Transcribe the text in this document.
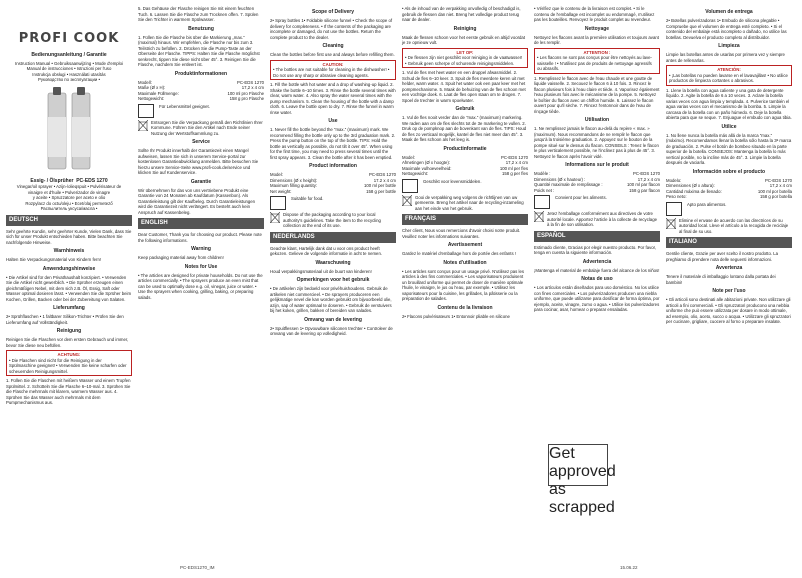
PROFI COOK
Bedienungsanleitung / Garantie
Instruction Manual • Gebruiksaanwijzing • Mode d'emploi
Manual de instrucciones • Istruzioni per l'uso
Instrukcja obsługi • Használati utasítás
Руководство по эксплуатации •
Essig- / Ölsprüher PC-EDS 1270
Vinegar/oil sprayer • Azijn-/olieqspuit • Pulvérisateur de
vinaigre et d'huile • Pulverizador de vinagre
y aceite • Spruzzatore per aceto e olio
Rozpylacz do octu/oleju • Ecet/olaj permetező
Распылитель уксуса/масла •
DEUTSCH

Sehr geehrte Kundin, sehr geehrter Kunde, Vielen Dank, dass Sie sich für unser Produkt entschieden haben. Bitte beachten Sie nachfolgende Hinweise.

Warnhinweis

Halten Sie Verpackungsmaterial von Kindern fern!

Anwendungshinweise

• Die Artikel sind für den Privathaushalt konzipiert. • Verwenden Sie die Artikel nicht gewerblich. • Die Sprüher erzeugen einen gleichmäßigen Nebel, mit dem sich z.B. Öl, Essig, Saft oder Wasser optimal dosieren lässt. • Verwenden Sie die Sprüher beim Kochen, Grillen, Backen oder bei der Zubereitung von Salaten.

Lieferumfang

2• Sprühflaschen • 1 faltbarer Silikon-Trichter • Prüfen Sie den Lieferumfang auf Vollständigkeit.

Reinigung

Reinigen Sie die Flaschen vor dem ersten Gebrauch und immer, bevor Sie diese neu befüllen.

ACHTUNG:
• Die Flaschen sind nicht für die Reinigung in der Spülmaschine geeignet! • Verwenden Sie keine scharfen oder scheuernden Reinigungsmittel.

1. Füllen Sie die Flaschen mit heißem Wasser und einem Tropfen Spülmittel. 2. Schütteln Sie die Flasche 6–10-mal. 3. Sprühen Sie die Flasche mehrmals mit klarem, warmem Wasser aus. 4. Sprühen Sie das Wasser auch mehrmals mit dem Pumpmechanismus aus.

5. Das Gehäuse der Flasche reinigen Sie mit einem feuchten Tuch. 6. Lassen Sie die Flasche zum Trocknen offen. 7. Spülen Sie den Trichter in warmem Spülwasser.

Benutzung

1. Füllen Sie die Flasche bis über die Markierung „max.“ (maximal) hinaus. Wir empfehlen, die Flasche nur bis zum 3. Teilstrich zu befüllen. 2. Drücken Sie die Pump-Taste an der Oberseite der Flasche. TIPPS: Halten Sie die Flasche möglichst senkrecht, tippen Sie diese nicht über 45°. 3. Reinigen Sie die Flasche, nachdem Sie entleert ist.

Produktinformationen
Modell:	PC-EDS 1270
Maße (Ø x H):	17,2 x 4 cm
Maximale Füllmenge:	100 ml pro Flasche
Nettogewicht:	158 g pro Flasche
Für Lebensmittel geeignet.
Entsorgen Sie die Verpackung gemäß den Richtlinien Ihrer Kommune. Führen Sie den Artikel nach Ende seiner Nutzung der Wertstoffsammlung zu.
Service

Sollte Ihr Produkt innerhalb der Garantiezeit einen Mangel aufweisen, lassen Sie sich in unserem Service-portal zur kostenlosen Garantieabwicklung anmelden. Bitte besuchen Sie hierzu unsere Service-Seite www.profi-cook.de/service und klicken Sie auf Kundenservice.

Garantie

Wir übernehmen für das von uns vertriebene Produkt eine Garantie von 24 Monaten ab Kaufdatum (Kassenbon). Als Garantieleistung gilt der Kaufbeleg. Durch Garantieleistungen wird die Garantiezeit nicht verlängert. Es besteht auch kein Anspruch auf Kassenbeleg.

ENGLISH

Dear Customer, Thank you for choosing our product. Please note the following informations.

Warning

Keep packaging material away from children!

Notes for Use

• The articles are designed for private households. Do not use the articles commercially. • The sprayers produce an even mist that can be used to optimally dose e.g. oil, vinegar, juice or water. • Use the sprayers when cooking, grilling, baking, or preparing salads.

Scope of Delivery

2• Spray bottles 1• Foldable silicone funnel • Check the scope of delivery for completeness. • If the contents of the packaging are incomplete or damaged, do not use the bottles. Return the complete product to the dealer.

Cleaning

Clean the bottles before first use and always before refilling them.

CAUTION:
• The bottles are not suitable for cleaning in the dishwasher! • Do not use any sharp or abrasive cleaning agents.

1. Fill the bottle with hot water and a drop of washing-up liquid. 2. Shake the bottle 6–10 times. 3. Rinse the bottle several times with clear, warm water. 4. Also spray the water several times with the pump mechanism. 5. Clean the housing of the bottle with a damp cloth. 6. Leave the bottle open to dry. 7. Rinse the funnel in warm rinse water.

Use

1. Never fill the bottle beyond the “max.” (maximum) mark. We recommend filling the bottle only up to the 3rd graduation mark. 2. Press the pump button on the top of the bottle. TIPS: Hold the bottle as vertically as possible, do not tilt it over 45°. When using for the first time, you may need to press several times until the first spray appears. 3. Clean the bottle after it has been emptied.

Product information
Model:	PC-EDS 1270
Dimensions (Ø x height):	17.2 x 4 cm
Maximum filling quantity:	100 ml per bottle
Net weight:	158 g per bottle
Suitable for food.
Dispose of the packaging according to your local authority's guidelines. Take the item to the recycling collection at the end of its use.
NEDERLANDS

Geachte klant, Hartelijk dank dat u voor ons product heeft gekozen. Gelieve de volgende informatie in acht te nemen.

Waarschuwing

Houd verpakkingsmateriaal uit de buurt van kinderen!

Opmerkingen voor het gebruik

• De artikelen zijn bedoeld voor privéhuishoudens. Gebruik de artikelen niet commercieel. • De sprayers produceren een gelijkmatige nevel die kan worden gebruikt om bijvoorbeeld olie, azijn, sap of water optimaal te doseren. • Gebruik de verstuivers bij het koken, grillen, bakken of bereiden van salades.

Omvang van de levering

2• Spuitflessen 1• Opvouwbare siliconen trechter • Controleer de omvang van de levering op volledigheid.

• Als de inhoud van de verpakking onvolledig of beschadigd is, gebruik de flessen dan niet. Breng het volledige product terug naar de dealer.

Reiniging

Maak de flessen schoon voor het eerste gebruik en altijd voordat je ze opnieuw vult.

LET OP:
• De flessen zijn niet geschikt voor reiniging in de vaatwasser! • Gebruik geen scherpe of schurende reinigingsmiddelen.

1. Vul de fles met heet water en een druppel afwasmiddel. 2. Schud de fles 6–10 keer. 3. Spuit de fles meerdere keren uit met helder, warm water. 4. Spuit het water ook een paar keer met het pompmechanisme. 5. Maak de behuizing van de fles schoon met een vochtige doek. 6. Laat de fles open staan om te drogen. 7. Spoel de trechter in warm spoelwater.

Gebruik

1. Vul de fles nooit verder dan de “max.” (maximum) markering. We raden aan om de fles slechts tot de 3e markering te vullen. 2. Druk op de pompknop aan de bovenkant van de fles. TIPS: Houd de fles zo verticaal mogelijk, kantel de fles niet meer dan 45°. 3. Maak de fles schoon als het leeg is.

Productinformatie
Model:	PC-EDS 1270
Afmetingen (Ø x hoogte):	17,2 x 4 cm
Maximale vulhoeveelheid:	100 ml per fles
Nettogewicht:	158 g per fles
Geschikt voor levensmiddelen.
Gooi de verpakking weg volgens de richtlijnen van uw gemeente. Breng het artikel naar de recycling-inzameling aan het einde van het gebruik.
FRANÇAIS

Cher client, Nous vous remercions d'avoir choisi notre produit. Veuillez noter les informations suivantes.

Avertissement

Gardez le matériel d'emballage hors de portée des enfants !

Notes d'utilisation

• Les articles sont conçus pour un usage privé. N'utilisez pas les articles à des fins commerciales. • Les vaporisateurs produisent un brouillard uniforme qui permet de doser de manière optimale l'huile, le vinaigre, le jus ou l'eau, par exemple. • Utilisez les vaporisateurs pour la cuisine, les grillades, la pâtisserie ou la préparation de salades.

Contenu de la livraison

2• Flacons pulvérisateurs 1• Entonnoir pliable en silicone

• Vérifiez que le contenu de la livraison est complet. • Si le contenu de l'emballage est incomplet ou endommagé, n'utilisez pas les bouteilles. Renvoyez le produit complet au revendeur.

Nettoyage

Nettoyez les flacons avant la première utilisation et toujours avant de les remplir.

ATTENTION :
• Les flacons ne sont pas conçus pour être nettoyés au lave-vaisselle ! • N'utilisez pas de produits de nettoyage agressifs ou abrasifs.

1. Remplissez le flacon avec de l'eau chaude et une goutte de liquide vaisselle. 2. Secouez le flacon 6 à 10 fois. 3. Rincez le flacon plusieurs fois à l'eau claire et tiède. 4. Vaporisez également l'eau plusieurs fois avec le mécanisme de la pompe. 5. Nettoyez le boîtier du flacon avec un chiffon humide. 6. Laissez le flacon ouvert pour qu'il sèche. 7. Rincez l'entonnoir dans de l'eau de rinçage tiède.

Utilisation

1. Ne remplissez jamais le flacon au-delà du repère « max. » (maximum). Nous recommandons de ne remplir le flacon que jusqu'à la troisième graduation. 2. Appuyez sur le bouton de la pompe situé sur le dessus du flacon. CONSEILS : Tenez le flacon le plus verticalement possible, ne l'inclinez pas à plus de 45°. 3. Nettoyez le flacon après l'avoir vidé.

Informations sur le produit
Modèle :	PC-EDS 1270
Dimensions (Ø x hauteur) :	17,2 x 4 cm
Quantité maximale de remplissage :	100 ml par flacon
Poids net :	158 g par flacon
Convient pour les aliments.
Jetez l'emballage conformément aux directives de votre autorité locale. Apportez l'article à la collecte de recyclage à la fin de son utilisation.
ESPAÑOL

Estimado cliente, Gracias por elegir nuestro producto. Por favor, tenga en cuenta la siguiente información.

Advertencia

¡Mantenga el material de embalaje fuera del alcance de los niños!

Notas de uso

• Los artículos están diseñados para uso doméstico. No los utilice con fines comerciales. • Los pulverizadores producen una niebla uniforme, que puede utilizarse para dosificar de forma óptima, por ejemplo, aceite, vinagre, zumo o agua. • Utilice los pulverizadores para cocinar, asar, hornear o preparar ensaladas.

Get approved as scrapped
Volumen de entrega

2• Botellas pulverizadoras 1• Embudo de silicona plegable • Compruebe que el volumen de entrega esté completo. • Si el contenido del embalaje está incompleto o dañado, no utilice las botellas. Devuelva el producto completo al distribuidor.

Limpieza

Limpie las botellas antes de usarlas por primera vez y siempre antes de rellenarlas.

ATENCIÓN:
• ¡Las botellas no pueden lavarse en el lavavajillas! • No utilice productos de limpieza cortantes o abrasivos.

1. Llene la botella con agua caliente y una gota de detergente líquido. 2. Agite la botella de 6 a 10 veces. 3. Aclare la botella varias veces con agua limpia y templada. 4. Pulverice también el agua varias veces con el mecanismo de la bomba. 5. Limpie la carcasa de la botella con un paño húmedo. 6. Deje la botella abierta para que se seque. 7. Enjuague el embudo con agua tibia.

Utilice

1. No llene nunca la botella más allá de la marca “max.” (máximo). Recomendamos llenar la botella sólo hasta la 3ª marca de graduación. 2. Pulse el botón de bombeo situado en la parte superior de la botella. CONSEJOS: Mantenga la botella lo más vertical posible, no la incline más de 45°. 3. Limpie la botella después de vaciarla.

Información sobre el producto
Modelo:	PC-EDS 1270
Dimensiones (Ø x altura):	17,2 x 4 cm
Cantidad máxima de llenado:	100 ml por botella
Peso neto:	158 g por botella
Apto para alimentos.
Elimine el envase de acuerdo con las directrices de su autoridad local. Lleve el artículo a la recogida de reciclaje al final de su uso.
ITALIANO

Gentile cliente, Grazie per aver scelto il nostro prodotto. La preghiamo di prendere nota delle seguenti informazioni.

Avvertenza

Tenere il materiale di imballaggio lontano dalla portata dei bambini!

Note per l'uso

• Gli articoli sono destinati alle abitazioni private. Non utilizzare gli articoli a fini commerciali. • Gli spruzzatori producono una nebbia uniforme che può essere utilizzata per dosare in modo ottimale, ad esempio, olio, aceto, succo o acqua. • Utilizzare gli spruzzatori per cucinare, grigliare, cuocere al forno o preparare insalate.

PC-EDS1270_IM	15.06.22
